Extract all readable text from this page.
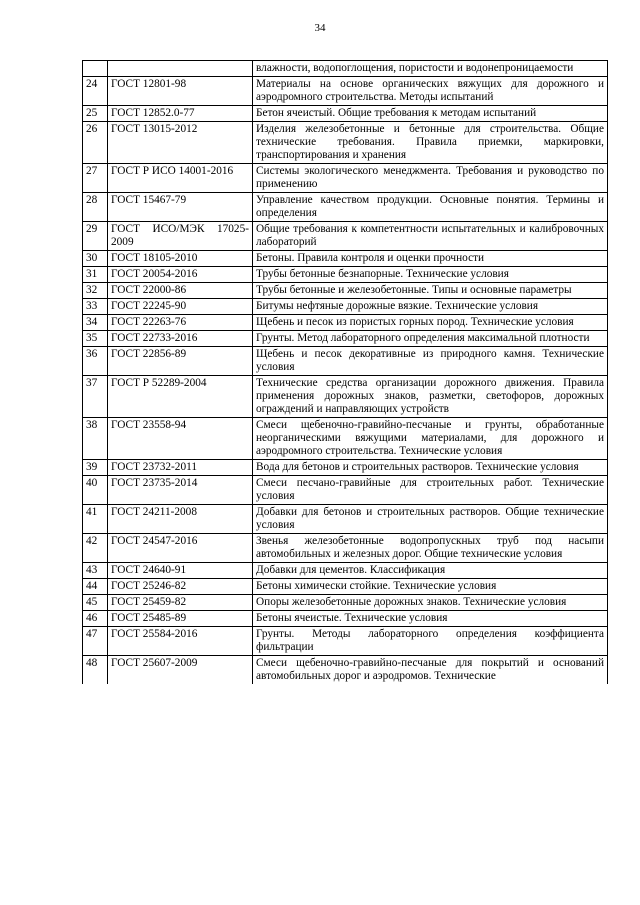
34
		влажности, водопоглощения, пористости и водонепроницаемости
24	ГОСТ 12801-98	Материалы на основе органических вяжущих для дорожного и аэродромного строительства. Методы испытаний
25	ГОСТ 12852.0-77	Бетон ячеистый. Общие требования к методам испытаний
26	ГОСТ 13015-2012	Изделия железобетонные и бетонные для строительства. Общие технические требования. Правила приемки, маркировки, транспортирования и хранения
27	ГОСТ Р ИСО 14001-2016	Системы экологического менеджмента. Требования и руководство по применению
28	ГОСТ 15467-79	Управление качеством продукции. Основные понятия. Термины и определения
29	ГОСТ ИСО/МЭК 17025-2009	Общие требования к компетентности испытательных и калибровочных лабораторий
30	ГОСТ 18105-2010	Бетоны. Правила контроля и оценки прочности
31	ГОСТ 20054-2016	Трубы бетонные безнапорные. Технические условия
32	ГОСТ 22000-86	Трубы бетонные и железобетонные. Типы и основные параметры
33	ГОСТ 22245-90	Битумы нефтяные дорожные вязкие. Технические условия
34	ГОСТ 22263-76	Щебень и песок из пористых горных пород. Технические условия
35	ГОСТ 22733-2016	Грунты. Метод лабораторного определения максимальной плотности
36	ГОСТ 22856-89	Щебень и песок декоративные из природного камня. Технические условия
37	ГОСТ Р 52289-2004	Технические средства организации дорожного движения. Правила применения дорожных знаков, разметки, светофоров, дорожных ограждений и направляющих устройств
38	ГОСТ 23558-94	Смеси щебеночно-гравийно-песчаные и грунты, обработанные неорганическими вяжущими материалами, для дорожного и аэродромного строительства. Технические условия
39	ГОСТ 23732-2011	Вода для бетонов и строительных растворов. Технические условия
40	ГОСТ 23735-2014	Смеси песчано-гравийные для строительных работ. Технические условия
41	ГОСТ 24211-2008	Добавки для бетонов и строительных растворов. Общие технические условия
42	ГОСТ 24547-2016	Звенья железобетонные водопропускных труб под насыпи автомобильных и железных дорог. Общие технические условия
43	ГОСТ 24640-91	Добавки для цементов. Классификация
44	ГОСТ 25246-82	Бетоны химически стойкие. Технические условия
45	ГОСТ 25459-82	Опоры железобетонные дорожных знаков. Технические условия
46	ГОСТ 25485-89	Бетоны ячеистые. Технические условия
47	ГОСТ 25584-2016	Грунты. Методы лабораторного определения коэффициента фильтрации
48	ГОСТ 25607-2009	Смеси щебеночно-гравийно-песчаные для покрытий и оснований автомобильных дорог и аэродромов. Технические
